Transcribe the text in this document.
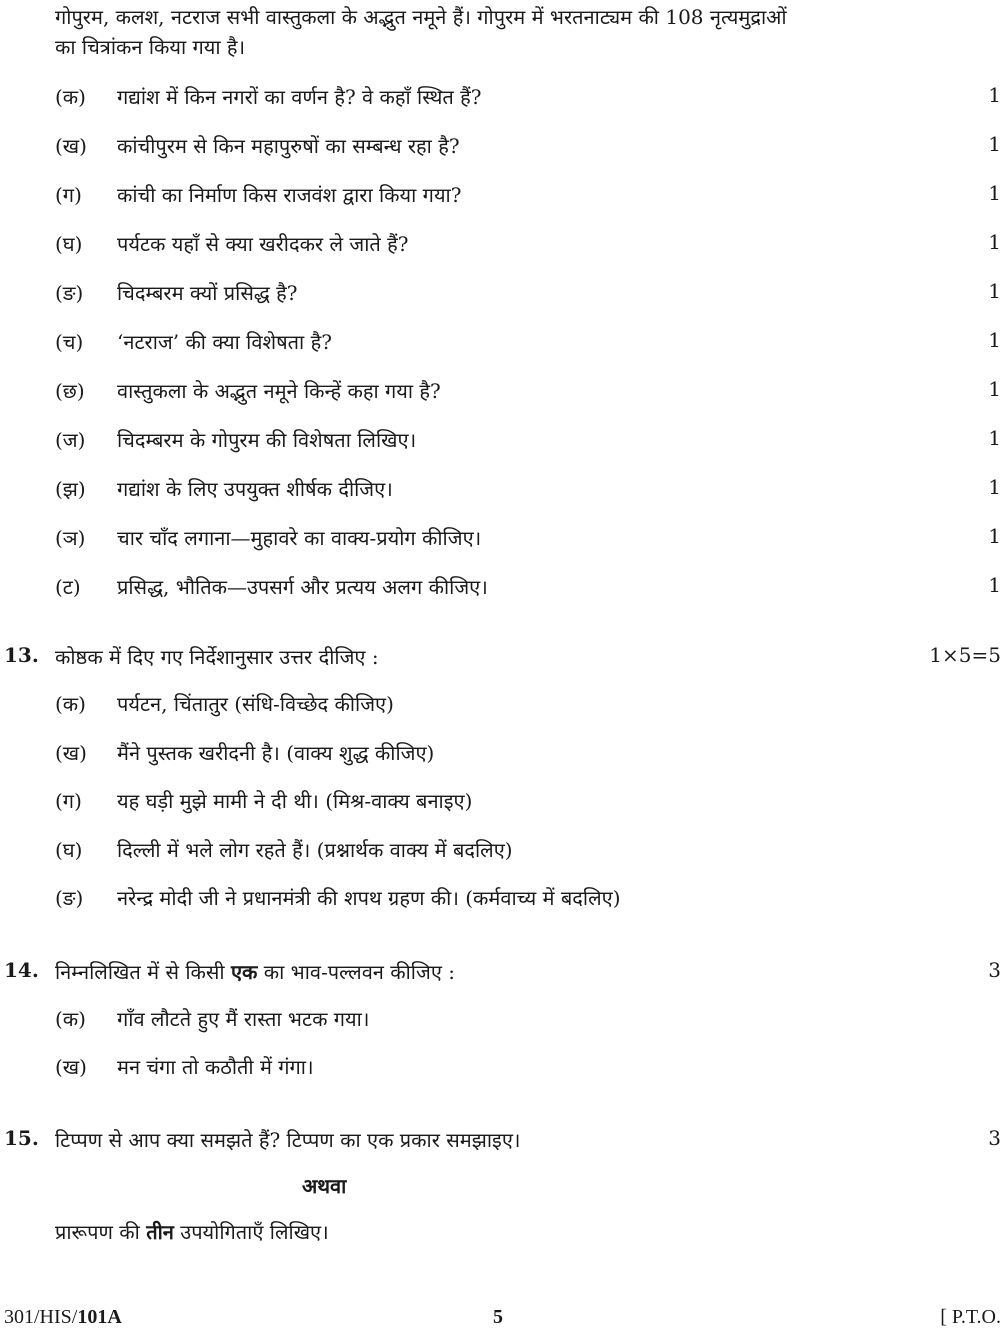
गोपुरम, कलश, नटराज सभी वास्तुकला के अद्भुत नमूने हैं। गोपुरम में भरतनाट्यम की 108 नृत्यमुद्राओं
का चित्रांकन किया गया है।
(क) गद्यांश में किन नगरों का वर्णन है? वे कहाँ स्थित हैं?	1
(ख) कांचीपुरम से किन महापुरुषों का सम्बन्ध रहा है?	1
(ग) कांची का निर्माण किस राजवंश द्वारा किया गया?	1
(घ) पर्यटक यहाँ से क्या खरीदकर ले जाते हैं?	1
(ङ) चिदम्बरम क्यों प्रसिद्ध है?	1
(च) ‘नटराज’ की क्या विशेषता है?	1
(छ) वास्तुकला के अद्भुत नमूने किन्हें कहा गया है?	1
(ज) चिदम्बरम के गोपुरम की विशेषता लिखिए।	1
(झ) गद्यांश के लिए उपयुक्त शीर्षक दीजिए।	1
(ञ) चार चाँद लगाना—मुहावरे का वाक्य-प्रयोग कीजिए।	1
(ट) प्रसिद्ध, भौतिक—उपसर्ग और प्रत्यय अलग कीजिए।	1
13. कोष्ठक में दिए गए निर्देशानुसार उत्तर दीजिए :	1×5=5
(क) पर्यटन, चिंतातुर (संधि-विच्छेद कीजिए)
(ख) मैंने पुस्तक खरीदनी है। (वाक्य शुद्ध कीजिए)
(ग) यह घड़ी मुझे मामी ने दी थी। (मिश्र-वाक्य बनाइए)
(घ) दिल्ली में भले लोग रहते हैं। (प्रश्नार्थक वाक्य में बदलिए)
(ङ) नरेन्द्र मोदी जी ने प्रधानमंत्री की शपथ ग्रहण की। (कर्मवाच्य में बदलिए)
14. निम्नलिखित में से किसी एक का भाव-पल्लवन कीजिए :	3
(क) गाँव लौटते हुए मैं रास्ता भटक गया।
(ख) मन चंगा तो कठौती में गंगा।
15. टिप्पण से आप क्या समझते हैं? टिप्पण का एक प्रकार समझाइए।	3
अथवा
प्रारूपण की तीन उपयोगिताएँ लिखिए।
301/HIS/101A	5	[ P.T.O.
